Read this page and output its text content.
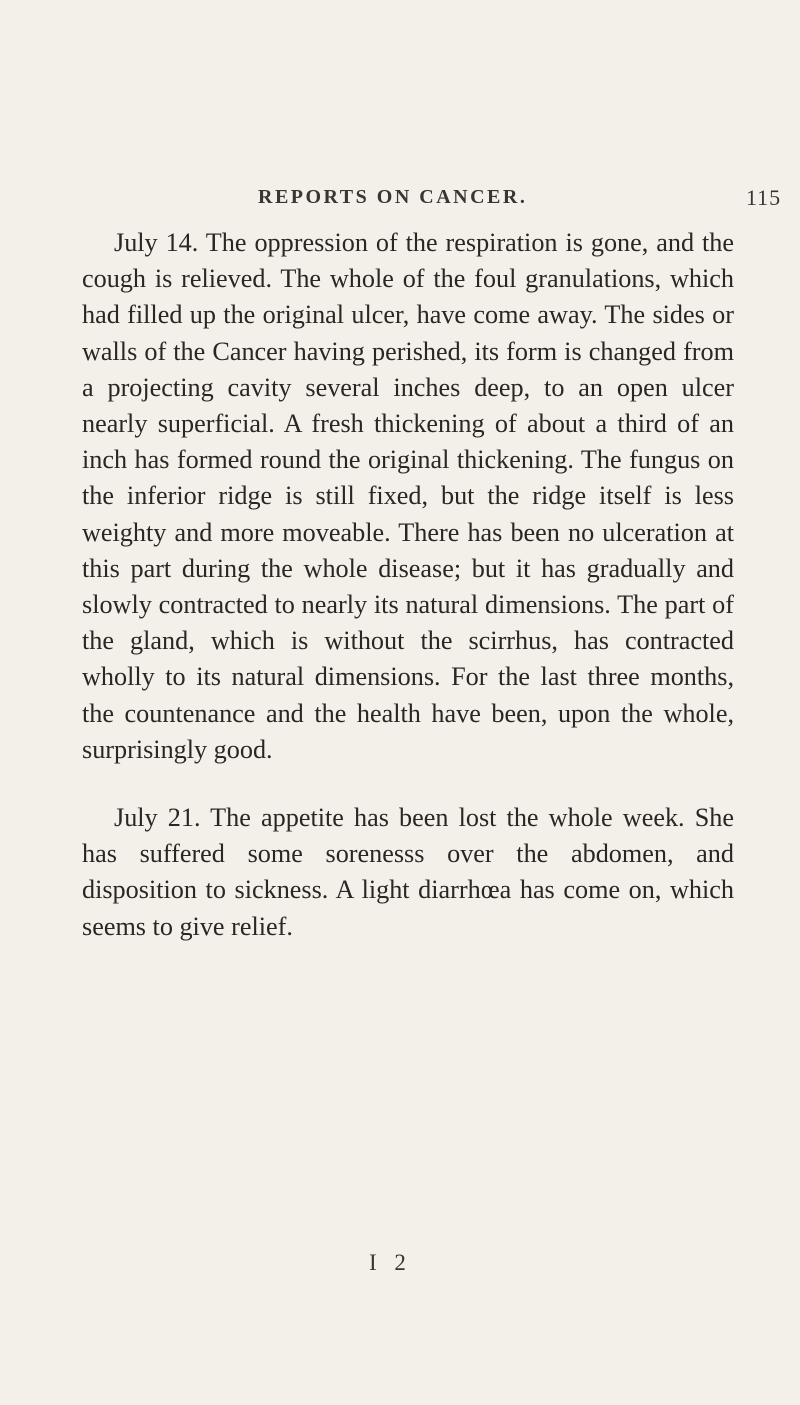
REPORTS ON CANCER.	115

July 14. The oppression of the respiration is gone, and the cough is relieved. The whole of the foul granulations, which had filled up the original ulcer, have come away. The sides or walls of the Cancer having perished, its form is changed from a projecting cavity several inches deep, to an open ulcer nearly superficial. A fresh thickening of about a third of an inch has formed round the original thickening. The fungus on the inferior ridge is still fixed, but the ridge itself is less weighty and more moveable. There has been no ulceration at this part during the whole disease; but it has gradually and slowly contracted to nearly its natural dimensions. The part of the gland, which is without the scirrhus, has contracted wholly to its natural dimensions. For the last three months, the countenance and the health have been, upon the whole, surprisingly good.

July 21. The appetite has been lost the whole week. She has suffered some sorenesss over the abdomen, and disposition to sickness. A light diarrhœa has come on, which seems to give relief.

I 2
